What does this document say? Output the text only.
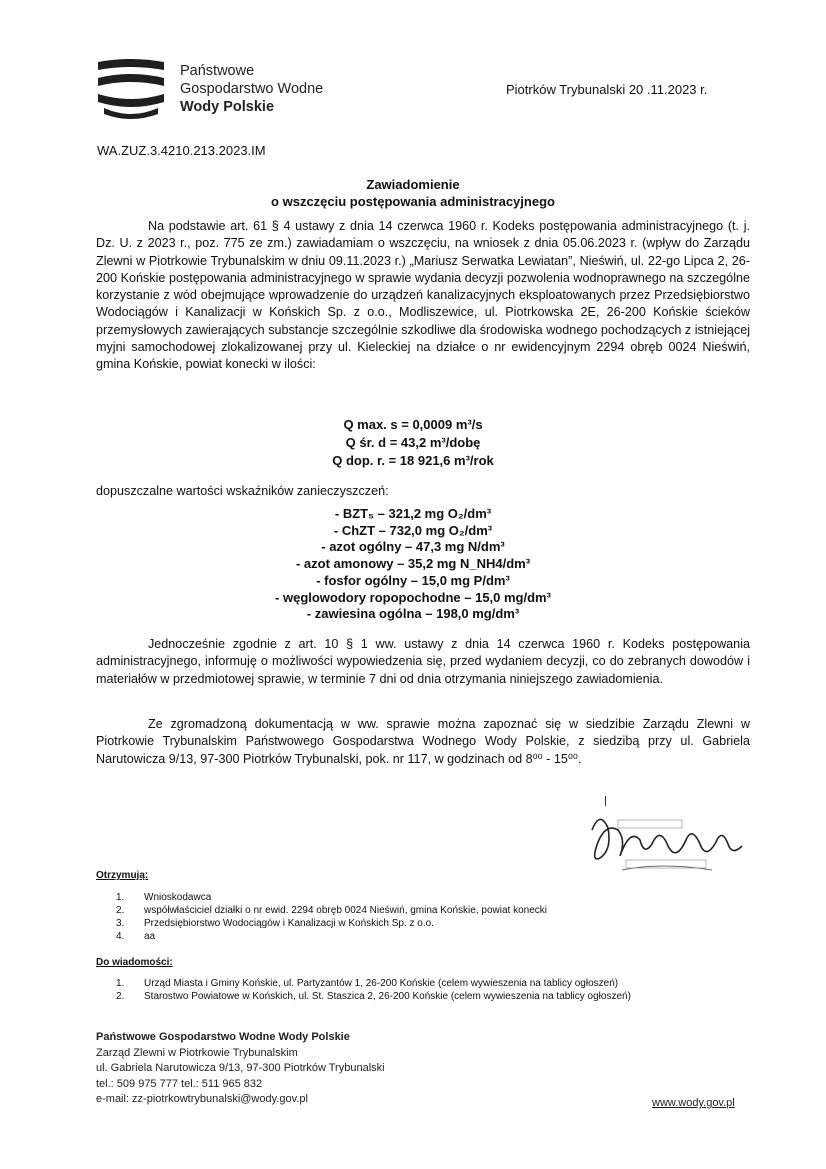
Państwowe
Gospodarstwo Wodne
Wody Polskie
Piotrków Trybunalski 20 .11.2023 r.
WA.ZUZ.3.4210.213.2023.IM
Zawiadomienie
o wszczęciu postępowania administracyjnego

Na podstawie art. 61 § 4 ustawy z dnia 14 czerwca 1960 r. Kodeks postępowania administracyjnego (t. j. Dz. U. z 2023 r., poz. 775 ze zm.) zawiadamiam o wszczęciu, na wniosek z dnia 05.06.2023 r. (wpływ do Zarządu Zlewni w Piotrkowie Trybunalskim w dniu 09.11.2023 r.) „Mariusz Serwatka Lewiatan”, Nieświń, ul. 22-go Lipca 2, 26-200 Końskie postępowania administracyjnego w sprawie wydania decyzji pozwolenia wodnoprawnego na szczególne korzystanie z wód obejmujące wprowadzenie do urządzeń kanalizacyjnych eksploatowanych przez Przedsiębiorstwo Wodociągów i Kanalizacji w Końskich Sp. z o.o., Modliszewice, ul. Piotrkowska 2E, 26-200 Końskie ścieków przemysłowych zawierających substancje szczególnie szkodliwe dla środowiska wodnego pochodzących z istniejącej myjni samochodowej zlokalizowanej przy ul. Kieleckiej na działce o nr ewidencyjnym 2294 obręb 0024 Nieświń, gmina Końskie, powiat konecki w ilości:

Q max. s = 0,0009 m³/s
Q śr. d = 43,2 m³/dobę
Q dop. r. = 18 921,6 m³/rok
dopuszczalne wartości wskaźników zanieczyszczeń:
- BZT₅ – 321,2 mg O₂/dm³
- ChZT – 732,0 mg O₂/dm³
- azot ogólny – 47,3 mg N/dm³
- azot amonowy – 35,2 mg N_NH4/dm³
- fosfor ogólny – 15,0 mg P/dm³
- węglowodory ropopochodne – 15,0 mg/dm³
- zawiesina ogólna – 198,0 mg/dm³

Jednocześnie zgodnie z art. 10 § 1 ww. ustawy z dnia 14 czerwca 1960 r. Kodeks postępowania administracyjnego, informuję o możliwości wypowiedzenia się, przed wydaniem decyzji, co do zebranych dowodów i materiałów w przedmiotowej sprawie, w terminie 7 dni od dnia otrzymania niniejszego zawiadomienia.

Ze zgromadzoną dokumentacją w ww. sprawie można zapoznać się w siedzibie Zarządu Zlewni w Piotrkowie Trybunalskim Państwowego Gospodarstwa Wodnego Wody Polskie, z siedzibą przy ul. Gabriela Narutowicza 9/13, 97-300 Piotrków Trybunalski, pok. nr 117, w godzinach od 8⁰⁰ - 15⁰⁰.

Otrzymują:
1.	Wnioskodawca
2.	współwłaściciel działki o nr ewid. 2294 obręb 0024 Nieświń, gmina Końskie, powiat konecki
3.	Przedsiębiorstwo Wodociągów i Kanalizacji w Końskich Sp. z o.o.
4.	aa
Do wiadomości:
1.	Urząd Miasta i Gminy Końskie, ul. Partyzantów 1, 26-200 Końskie (celem wywieszenia na tablicy ogłoszeń)
2.	Starostwo Powiatowe w Końskich, ul. St. Staszica 2, 26-200 Końskie (celem wywieszenia na tablicy ogłoszeń)
Państwowe Gospodarstwo Wodne Wody Polskie
Zarząd Zlewni w Piotrkowie Trybunalskim
ul. Gabriela Narutowicza 9/13, 97-300 Piotrków Trybunalski
tel.: 509 975 777 tel.: 511 965 832
e-mail: zz-piotrkowtrybunalski@wody.gov.pl	www.wody.gov.pl
